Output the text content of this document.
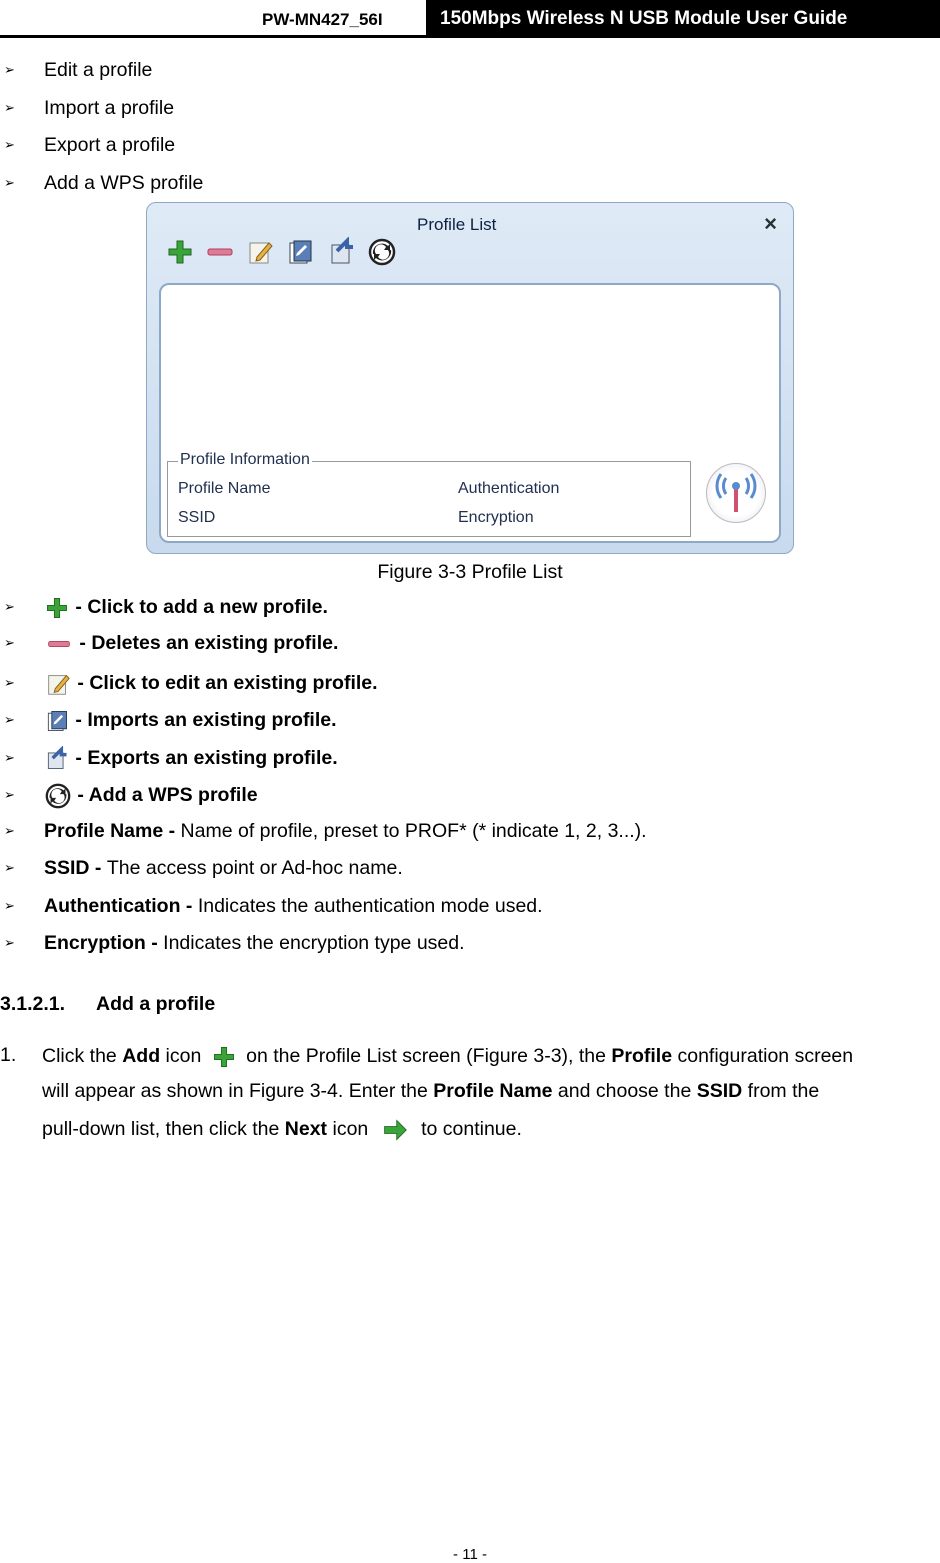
PW-MN427_56I	150Mbps Wireless N USB Module User Guide
➢ Edit a profile
➢ Import a profile
➢ Export a profile
➢ Add a WPS profile
Profile List	×
Profile Information
Profile Name	Authentication
SSID	Encryption
Figure 3-3 Profile List
➢	- Click to add a new profile.
➢	- Deletes an existing profile.
➢	- Click to edit an existing profile.
➢	- Imports an existing profile.
➢	- Exports an existing profile.
➢	- Add a WPS profile
➢ Profile Name - Name of profile, preset to PROF* (* indicate 1, 2, 3...).
➢ SSID - The access point or Ad-hoc name.
➢ Authentication - Indicates the authentication mode used.
➢ Encryption - Indicates the encryption type used.
3.1.2.1. Add a profile
1. Click the Add icon  on the Profile List screen (Figure 3-3), the Profile configuration screen
will appear as shown in Figure 3-4. Enter the Profile Name and choose the SSID from the
pull-down list, then click the Next icon  to continue.
- 11 -
